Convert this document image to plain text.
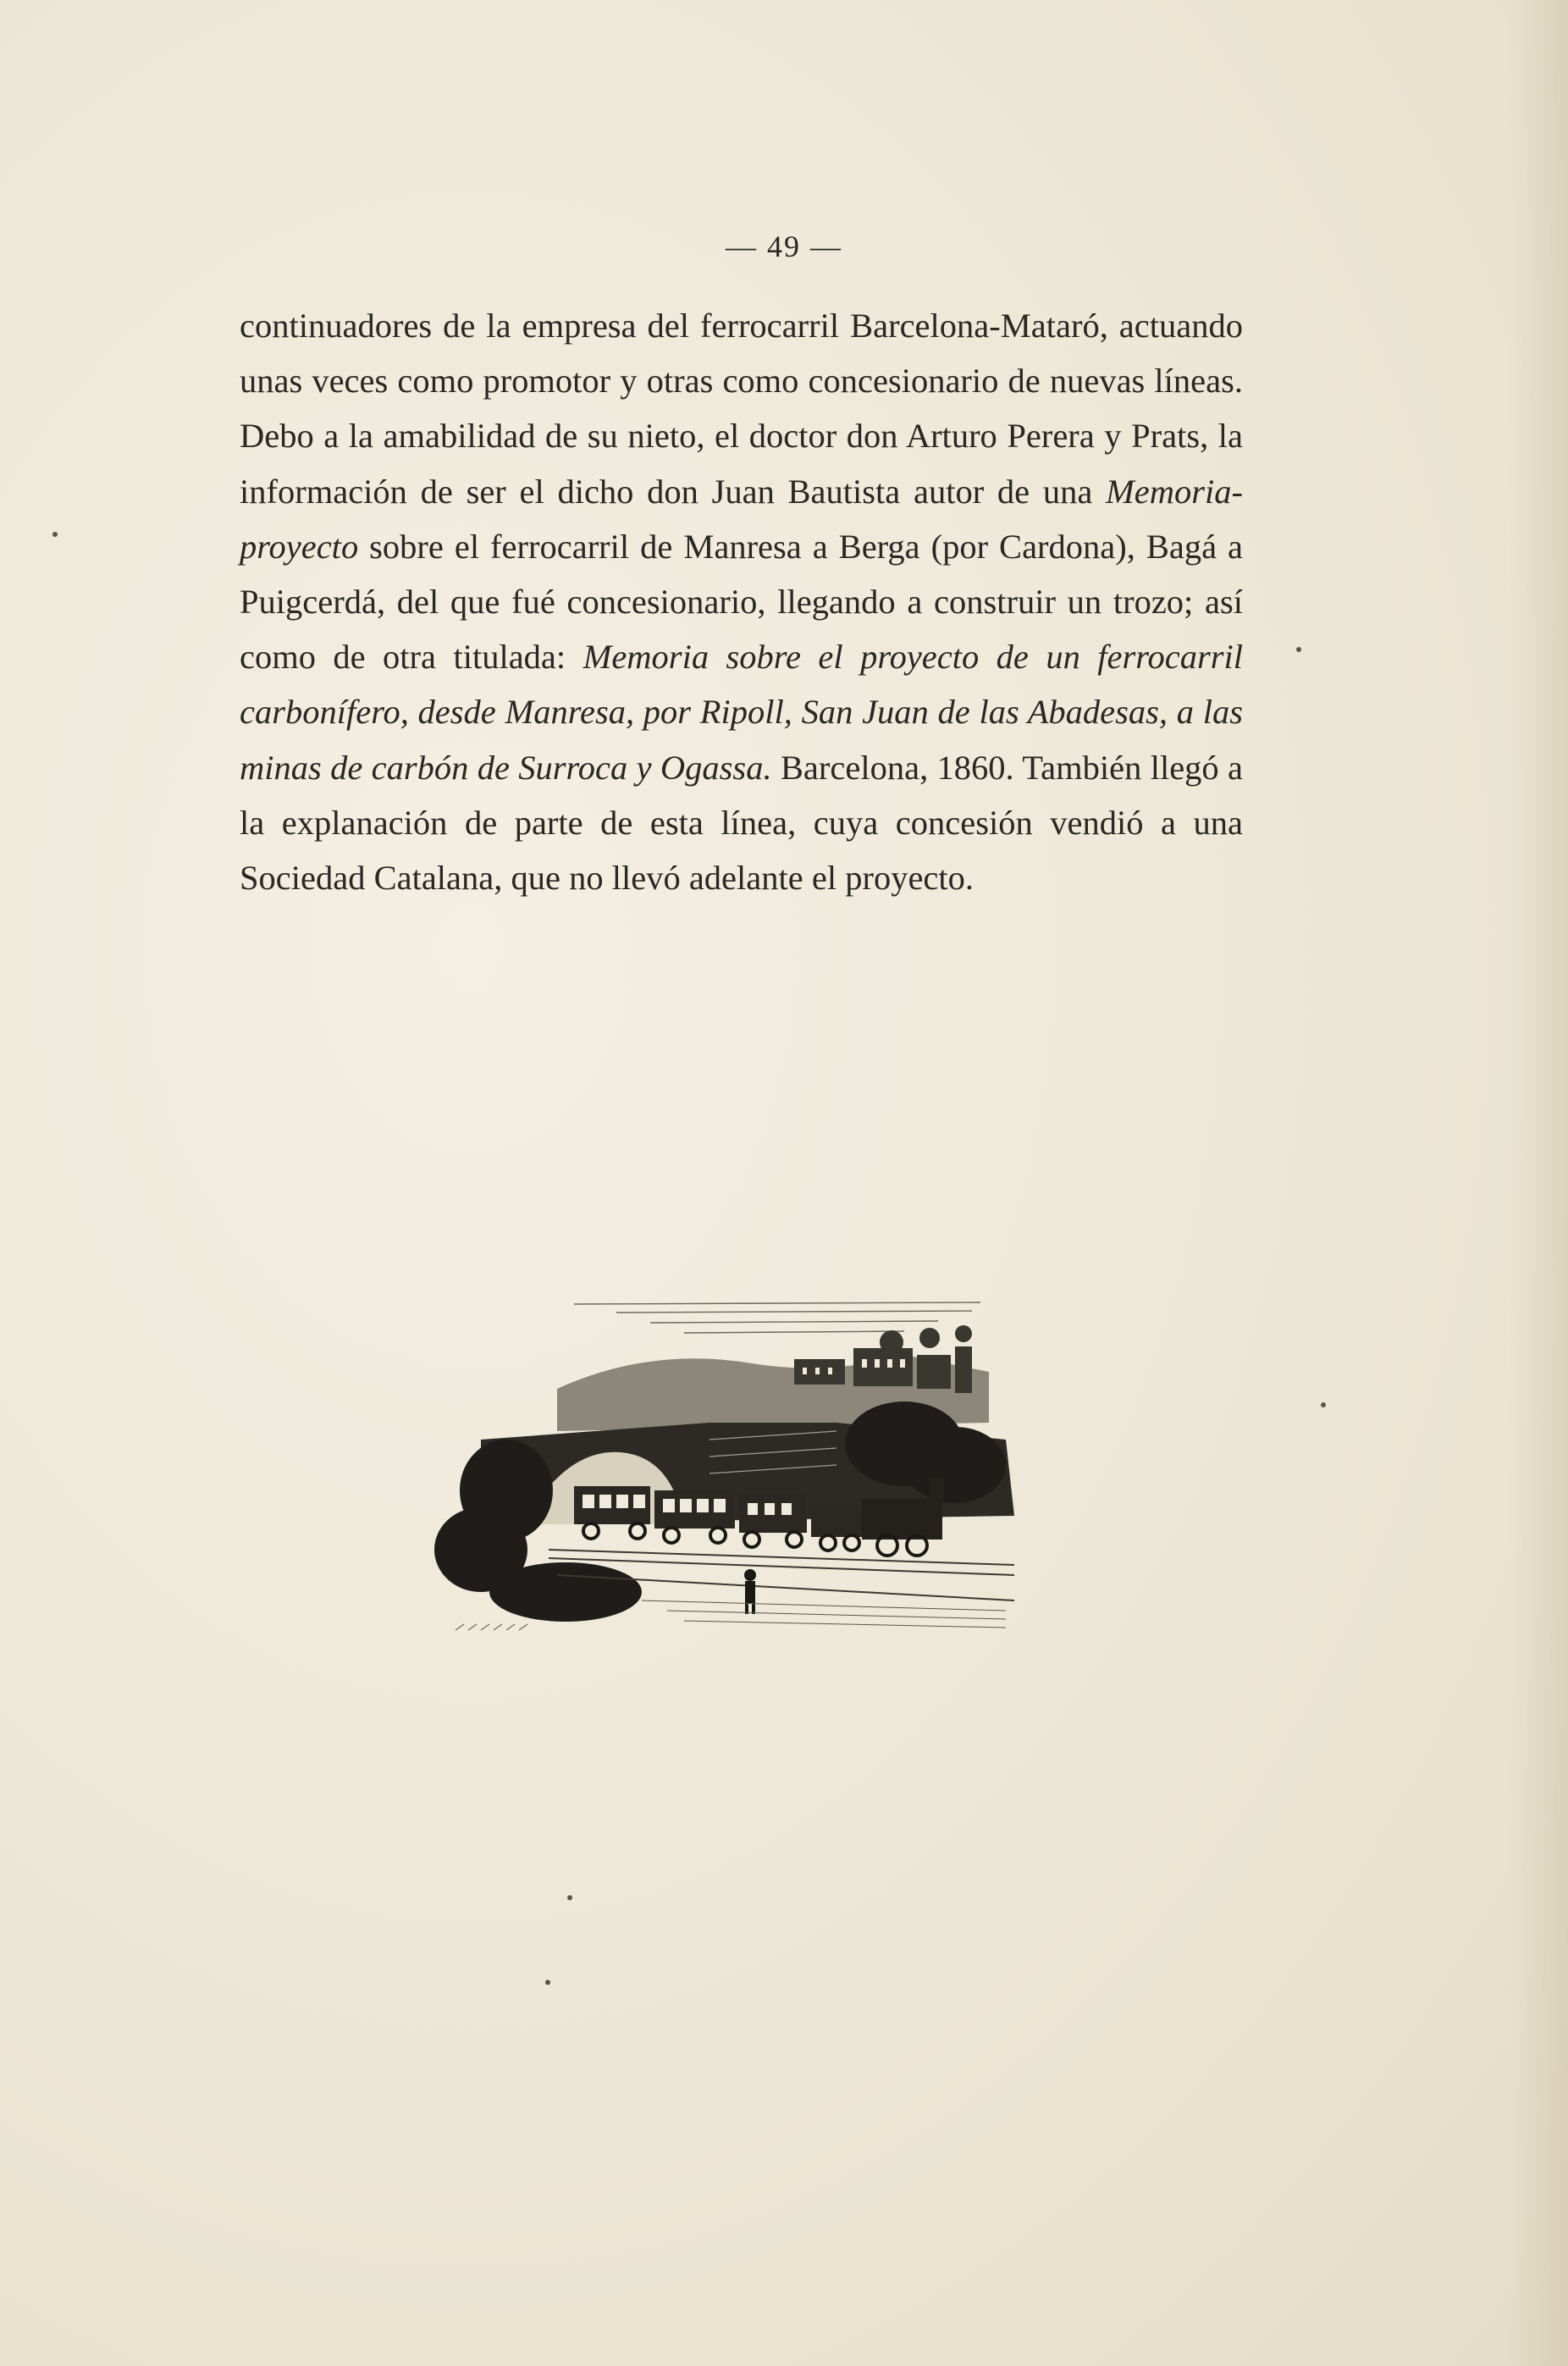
— 49 —
continuadores de la empresa del ferrocarril Barcelona-Mataró, actuando unas veces como promotor y otras como concesionario de nuevas líneas. Debo a la amabilidad de su nieto, el doctor don Arturo Perera y Prats, la información de ser el dicho don Juan Bautista autor de una Memoria-proyecto sobre el ferrocarril de Manresa a Berga (por Cardona), Bagá a Puigcerdá, del que fué concesionario, llegando a construir un trozo; así como de otra titulada: Memoria sobre el proyecto de un ferrocarril carbonífero, desde Manresa, por Ripoll, San Juan de las Abadesas, a las minas de carbón de Surroca y Ogassa. Barcelona, 1860. También llegó a la explanación de parte de esta línea, cuya concesión vendió a una Sociedad Catalana, que no llevó adelante el proyecto.
